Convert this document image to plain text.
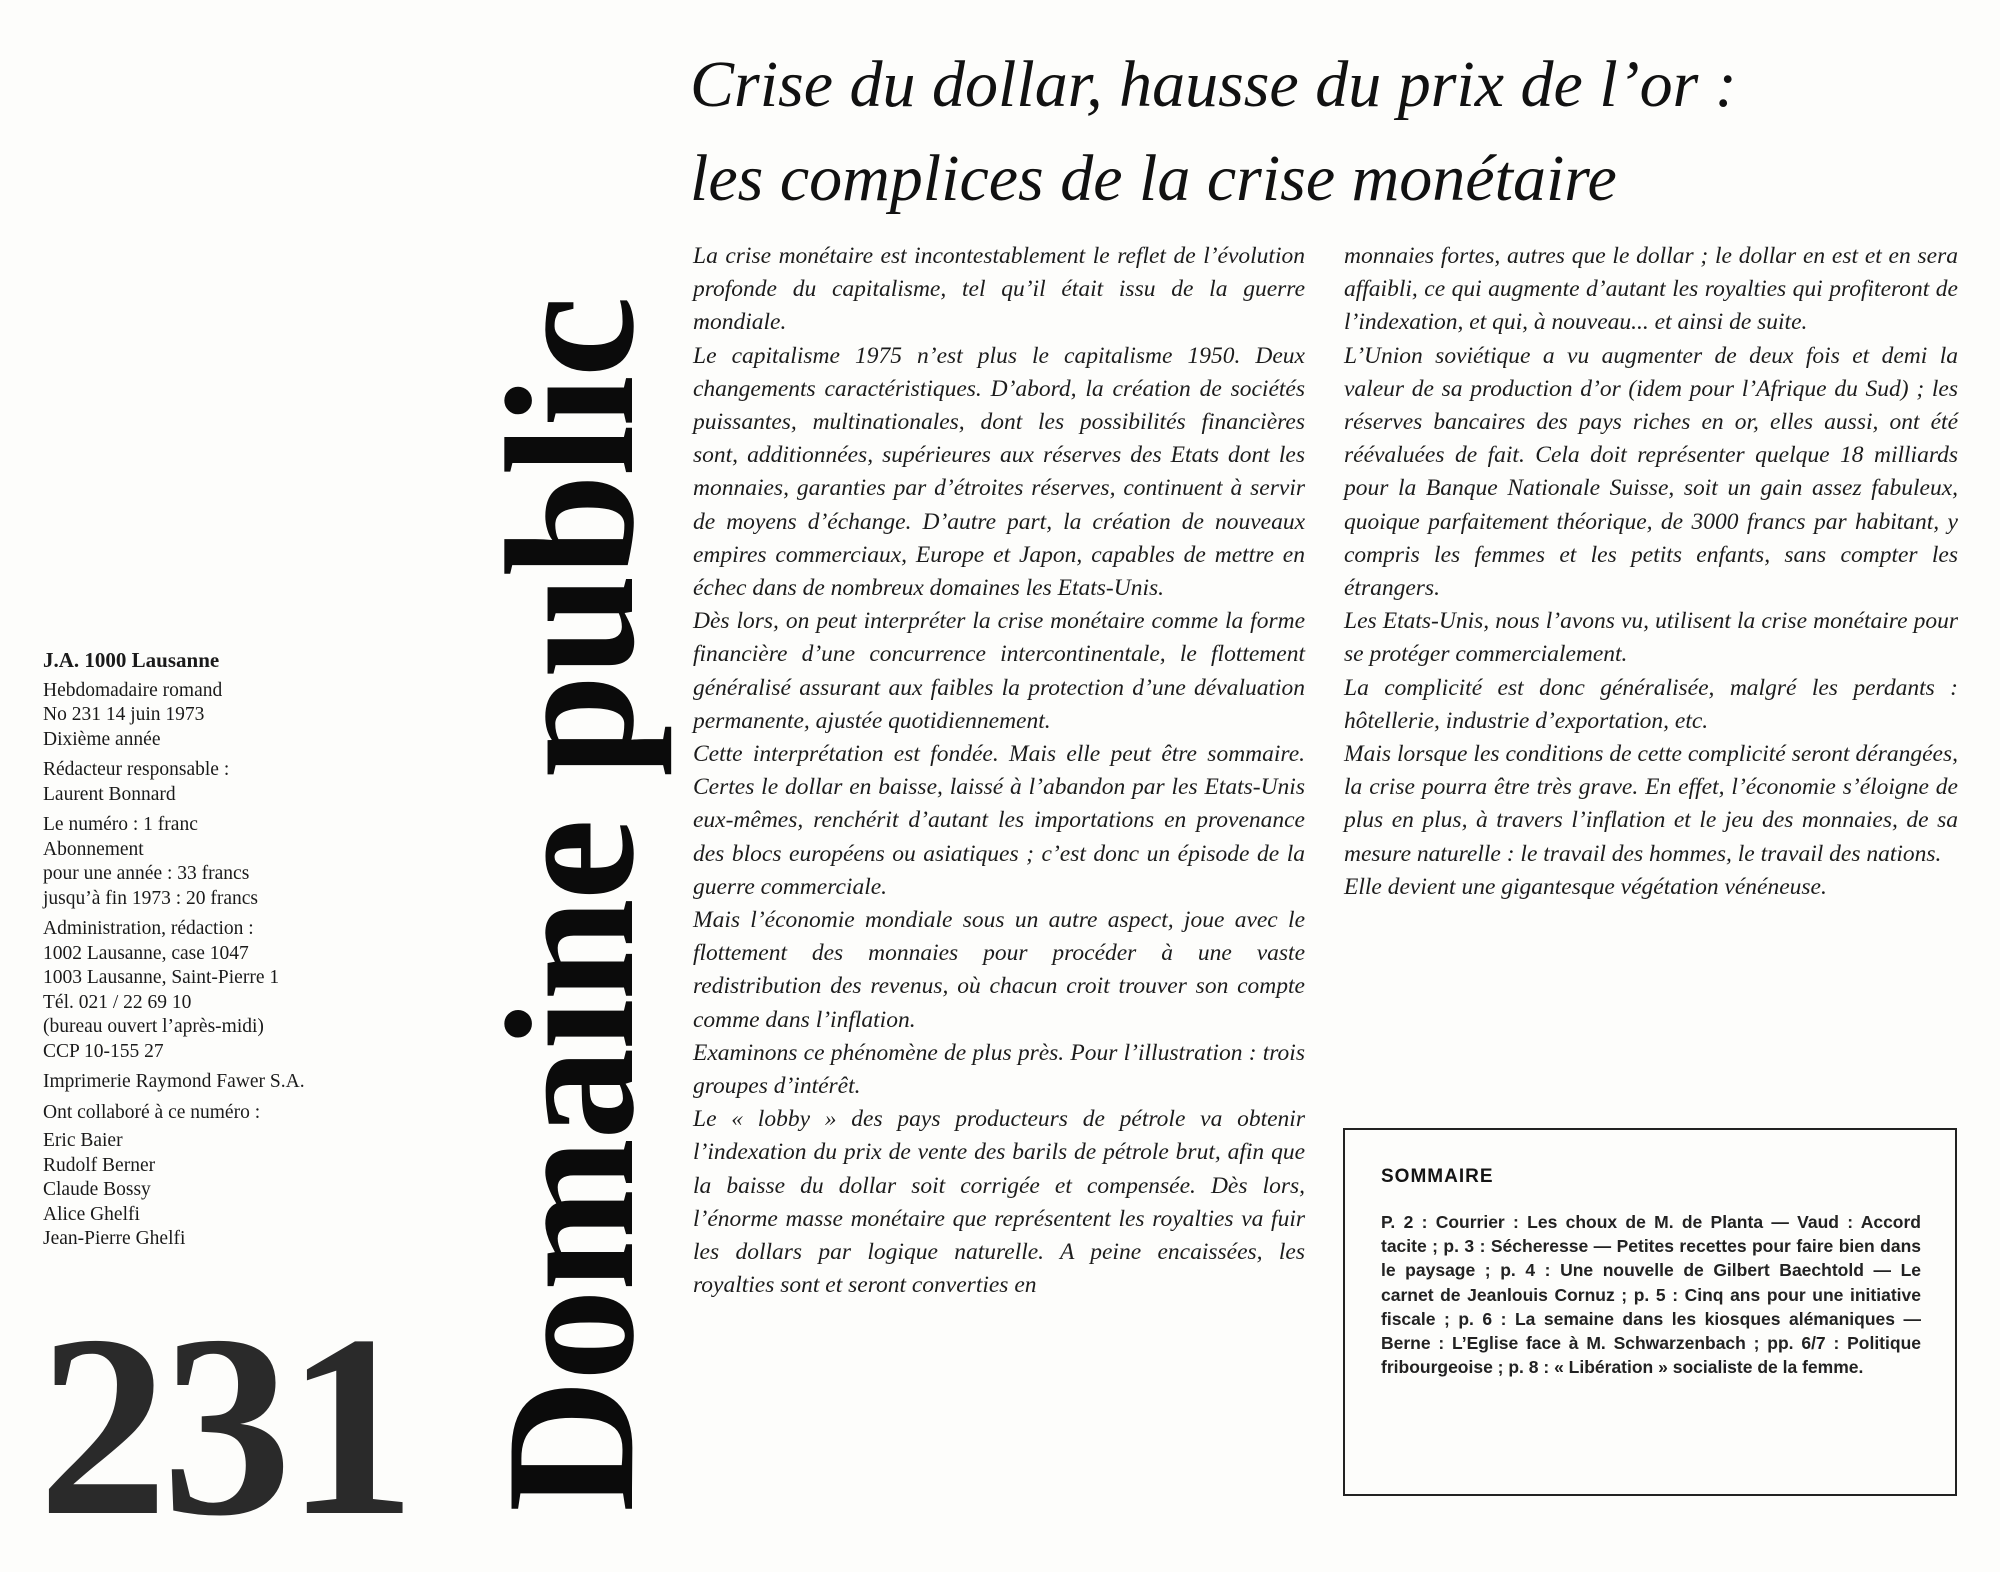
Crise du dollar, hausse du prix de l’or :
les complices de la crise monétaire
Domaine public
J.A. 1000 Lausanne
Hebdomadaire romand
No 231 14 juin 1973
Dixième année
Rédacteur responsable :
Laurent Bonnard
Le numéro : 1 franc
Abonnement
pour une année : 33 francs
jusqu’à fin 1973 : 20 francs
Administration, rédaction :
1002 Lausanne, case 1047
1003 Lausanne, Saint-Pierre 1
Tél. 021 / 22 69 10
(bureau ouvert l’après-midi)
CCP 10-155 27
Imprimerie Raymond Fawer S.A.
Ont collaboré à ce numéro :
Eric Baier
Rudolf Berner
Claude Bossy
Alice Ghelfi
Jean-Pierre Ghelfi
231

La crise monétaire est incontestablement le reflet de l’évolution profonde du capitalisme, tel qu’il était issu de la guerre mondiale.

Le capitalisme 1975 n’est plus le capitalisme 1950. Deux changements caractéristiques. D’abord, la création de sociétés puissantes, multinationales, dont les possibilités financières sont, additionnées, supérieures aux réserves des Etats dont les monnaies, garanties par d’étroites réserves, continuent à servir de moyens d’échange. D’autre part, la création de nouveaux empires commerciaux, Europe et Japon, capables de mettre en échec dans de nombreux domaines les Etats-Unis.

Dès lors, on peut interpréter la crise monétaire comme la forme financière d’une concurrence intercontinentale, le flottement généralisé assurant aux faibles la protection d’une dévaluation permanente, ajustée quotidiennement.

Cette interprétation est fondée. Mais elle peut être sommaire. Certes le dollar en baisse, laissé à l’abandon par les Etats-Unis eux-mêmes, renchérit d’autant les importations en provenance des blocs européens ou asiatiques ; c’est donc un épisode de la guerre commerciale.

Mais l’économie mondiale sous un autre aspect, joue avec le flottement des monnaies pour procéder à une vaste redistribution des revenus, où chacun croit trouver son compte comme dans l’inflation.

Examinons ce phénomène de plus près. Pour l’illustration : trois groupes d’intérêt.

Le « lobby » des pays producteurs de pétrole va obtenir l’indexation du prix de vente des barils de pétrole brut, afin que la baisse du dollar soit corrigée et compensée. Dès lors, l’énorme masse monétaire que représentent les royalties va fuir les dollars par logique naturelle. A peine encaissées, les royalties sont et seront converties en

monnaies fortes, autres que le dollar ; le dollar en est et en sera affaibli, ce qui augmente d’autant les royalties qui profiteront de l’indexation, et qui, à nouveau... et ainsi de suite.

L’Union soviétique a vu augmenter de deux fois et demi la valeur de sa production d’or (idem pour l’Afrique du Sud) ; les réserves bancaires des pays riches en or, elles aussi, ont été réévaluées de fait. Cela doit représenter quelque 18 milliards pour la Banque Nationale Suisse, soit un gain assez fabuleux, quoique parfaitement théorique, de 3000 francs par habitant, y compris les femmes et les petits enfants, sans compter les étrangers.

Les Etats-Unis, nous l’avons vu, utilisent la crise monétaire pour se protéger commercialement.

La complicité est donc généralisée, malgré les perdants : hôtellerie, industrie d’exportation, etc.

Mais lorsque les conditions de cette complicité seront dérangées, la crise pourra être très grave. En effet, l’économie s’éloigne de plus en plus, à travers l’inflation et le jeu des monnaies, de sa mesure naturelle : le travail des hommes, le travail des nations.

Elle devient une gigantesque végétation vénéneuse.

SOMMAIRE
P. 2 : Courrier : Les choux de M. de Planta — Vaud : Accord tacite ; p. 3 : Sécheresse — Petites recettes pour faire bien dans le paysage ; p. 4 : Une nouvelle de Gilbert Baechtold — Le carnet de Jeanlouis Cornuz ; p. 5 : Cinq ans pour une initiative fiscale ; p. 6 : La semaine dans les kiosques alémaniques — Berne : L’Eglise face à M. Schwarzenbach ; pp. 6/7 : Politique fribourgeoise ; p. 8 : « Libération » socialiste de la femme.
